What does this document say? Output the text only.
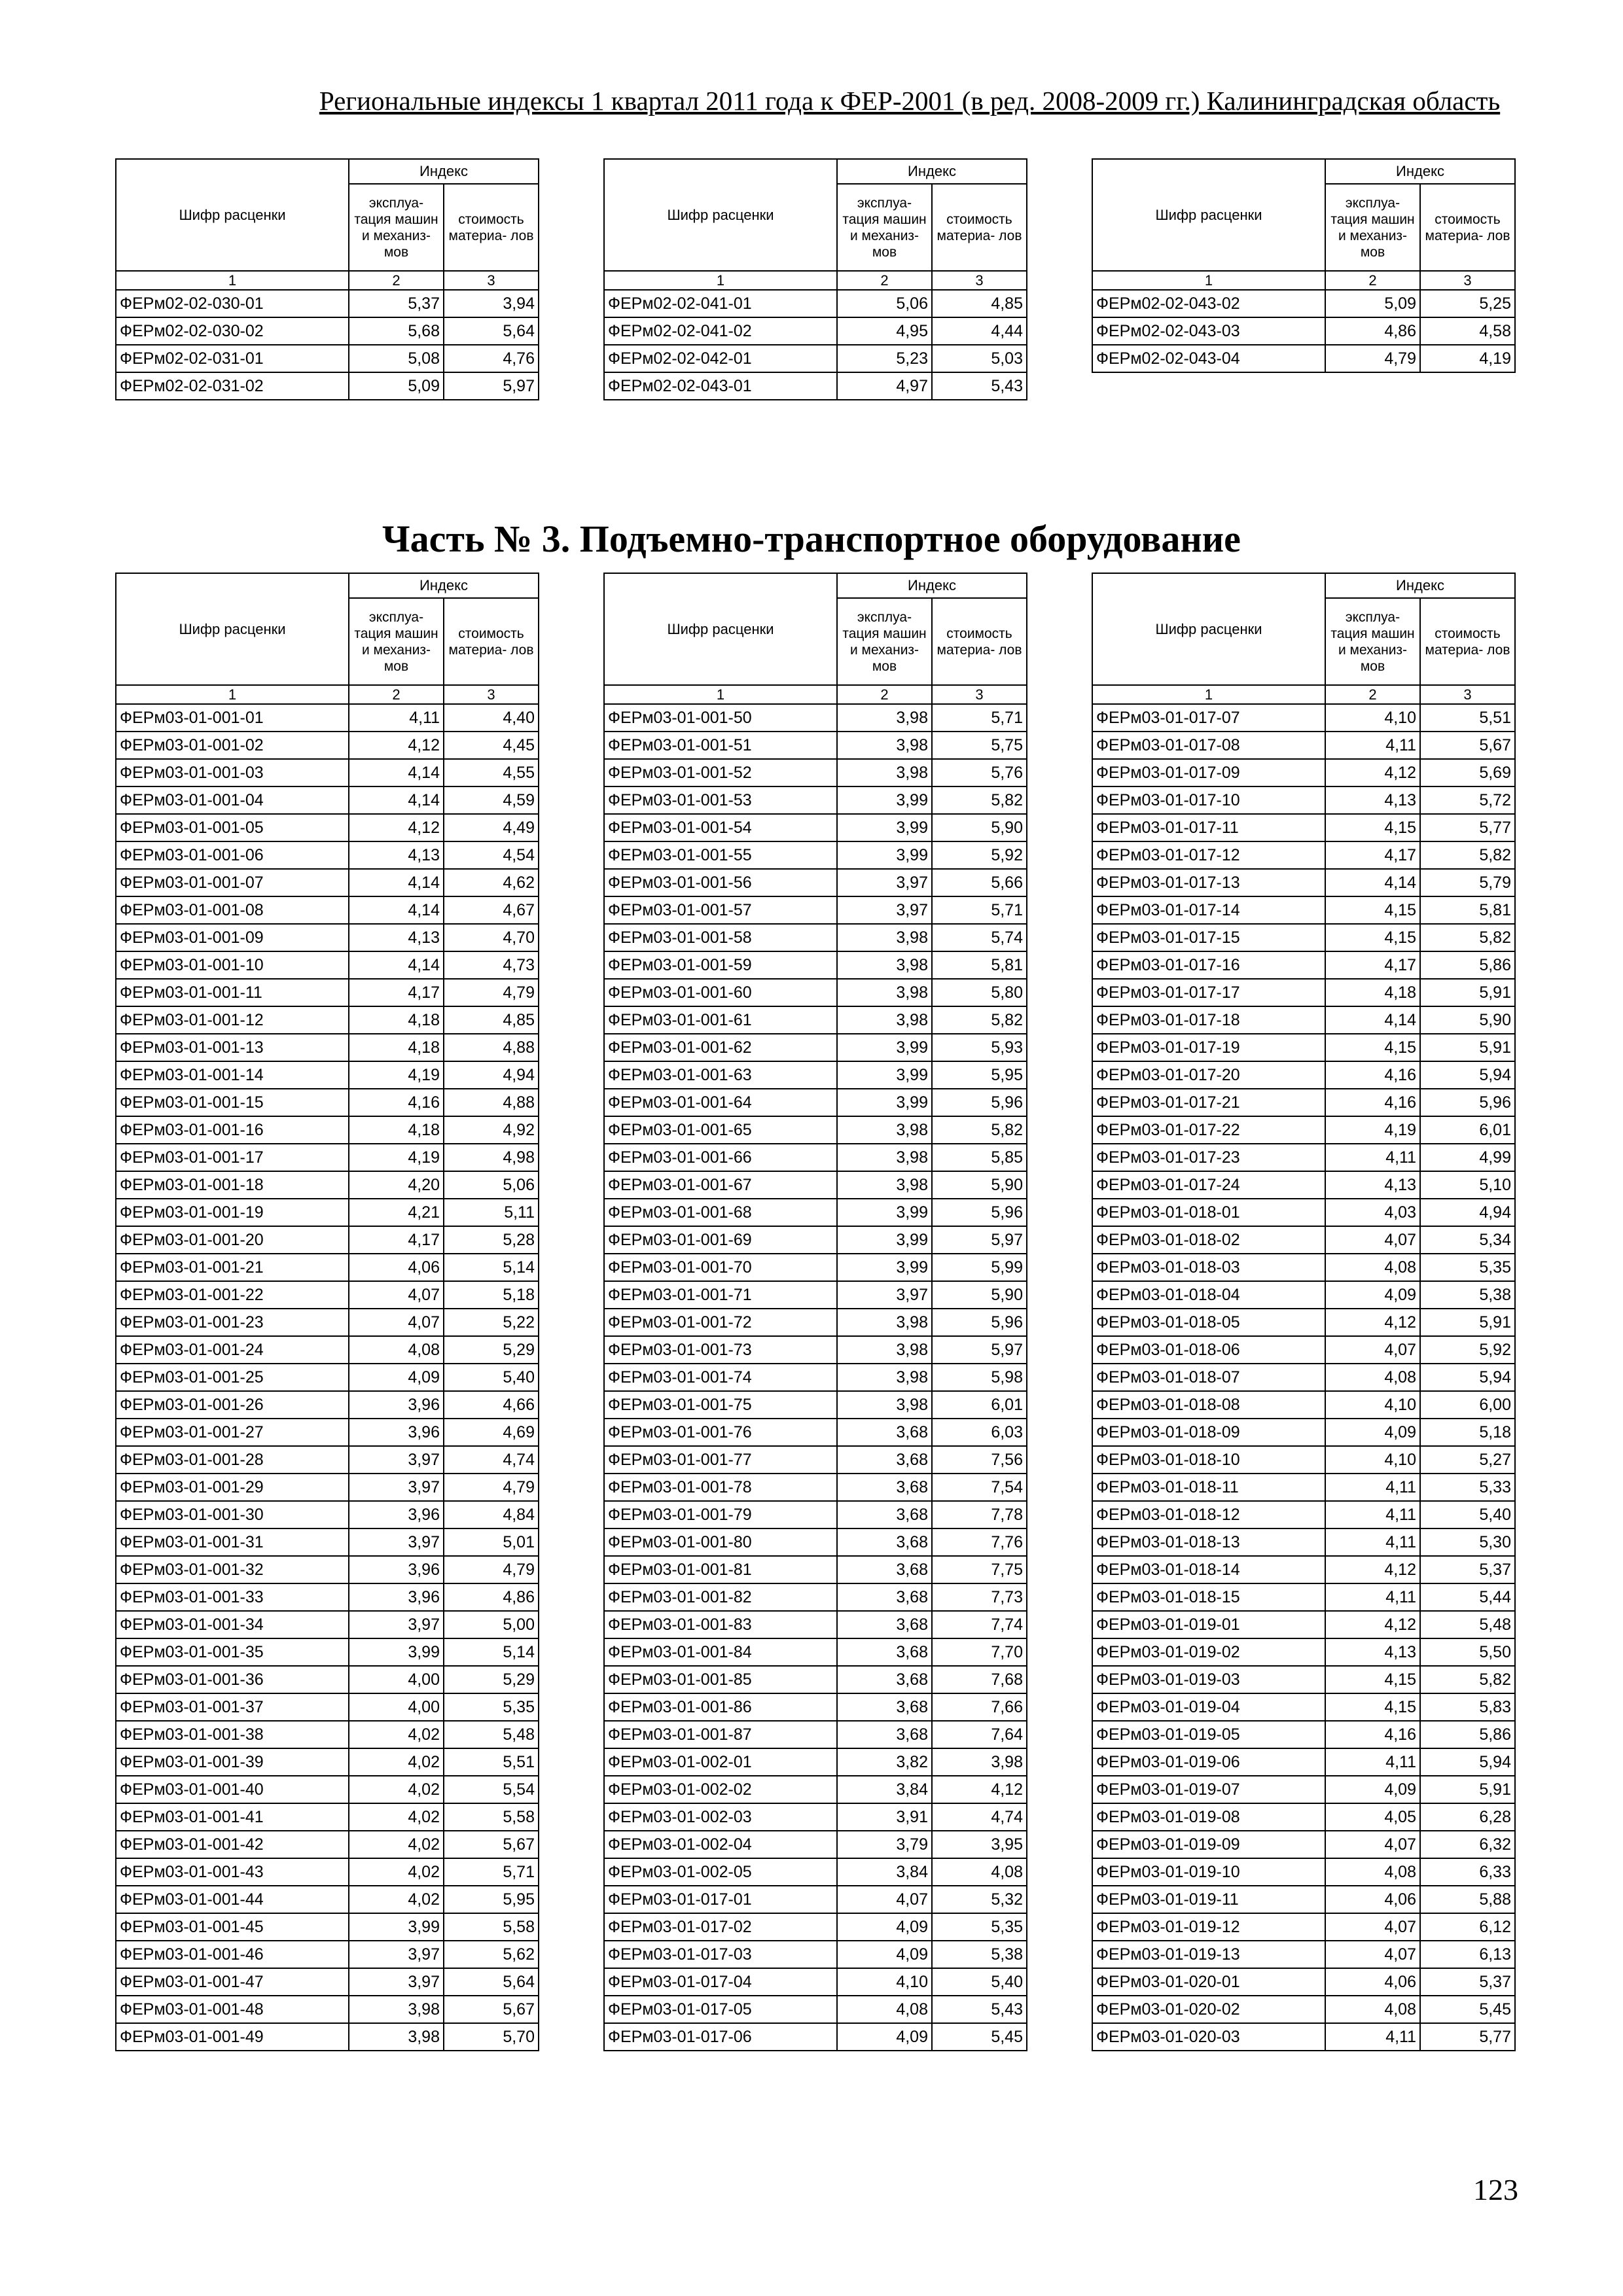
Региональные индексы 1 квартал 2011 года к ФЕР-2001 (в ред. 2008-2009 гг.) Калининградская область
Часть № 3. Подъемно-транспортное оборудование
123
Шифр расценки	Индекс	
	эксплуа- тация машин и механиз- мов	стоимость материа- лов
1	2	3
ФЕРм02-02-030-01	5,37	3,94
ФЕРм02-02-030-02	5,68	5,64
ФЕРм02-02-031-01	5,08	4,76
ФЕРм02-02-031-02	5,09	5,97
Шифр расценки	Индекс	
	эксплуа- тация машин и механиз- мов	стоимость материа- лов
1	2	3
ФЕРм02-02-041-01	5,06	4,85
ФЕРм02-02-041-02	4,95	4,44
ФЕРм02-02-042-01	5,23	5,03
ФЕРм02-02-043-01	4,97	5,43
Шифр расценки	Индекс	
	эксплуа- тация машин и механиз- мов	стоимость материа- лов
1	2	3
ФЕРм02-02-043-02	5,09	5,25
ФЕРм02-02-043-03	4,86	4,58
ФЕРм02-02-043-04	4,79	4,19
Шифр расценки	Индекс	
	эксплуа- тация машин и механиз- мов	стоимость материа- лов
1	2	3
ФЕРм03-01-001-01	4,11	4,40
ФЕРм03-01-001-02	4,12	4,45
ФЕРм03-01-001-03	4,14	4,55
ФЕРм03-01-001-04	4,14	4,59
ФЕРм03-01-001-05	4,12	4,49
ФЕРм03-01-001-06	4,13	4,54
ФЕРм03-01-001-07	4,14	4,62
ФЕРм03-01-001-08	4,14	4,67
ФЕРм03-01-001-09	4,13	4,70
ФЕРм03-01-001-10	4,14	4,73
ФЕРм03-01-001-11	4,17	4,79
ФЕРм03-01-001-12	4,18	4,85
ФЕРм03-01-001-13	4,18	4,88
ФЕРм03-01-001-14	4,19	4,94
ФЕРм03-01-001-15	4,16	4,88
ФЕРм03-01-001-16	4,18	4,92
ФЕРм03-01-001-17	4,19	4,98
ФЕРм03-01-001-18	4,20	5,06
ФЕРм03-01-001-19	4,21	5,11
ФЕРм03-01-001-20	4,17	5,28
ФЕРм03-01-001-21	4,06	5,14
ФЕРм03-01-001-22	4,07	5,18
ФЕРм03-01-001-23	4,07	5,22
ФЕРм03-01-001-24	4,08	5,29
ФЕРм03-01-001-25	4,09	5,40
ФЕРм03-01-001-26	3,96	4,66
ФЕРм03-01-001-27	3,96	4,69
ФЕРм03-01-001-28	3,97	4,74
ФЕРм03-01-001-29	3,97	4,79
ФЕРм03-01-001-30	3,96	4,84
ФЕРм03-01-001-31	3,97	5,01
ФЕРм03-01-001-32	3,96	4,79
ФЕРм03-01-001-33	3,96	4,86
ФЕРм03-01-001-34	3,97	5,00
ФЕРм03-01-001-35	3,99	5,14
ФЕРм03-01-001-36	4,00	5,29
ФЕРм03-01-001-37	4,00	5,35
ФЕРм03-01-001-38	4,02	5,48
ФЕРм03-01-001-39	4,02	5,51
ФЕРм03-01-001-40	4,02	5,54
ФЕРм03-01-001-41	4,02	5,58
ФЕРм03-01-001-42	4,02	5,67
ФЕРм03-01-001-43	4,02	5,71
ФЕРм03-01-001-44	4,02	5,95
ФЕРм03-01-001-45	3,99	5,58
ФЕРм03-01-001-46	3,97	5,62
ФЕРм03-01-001-47	3,97	5,64
ФЕРм03-01-001-48	3,98	5,67
ФЕРм03-01-001-49	3,98	5,70
Шифр расценки	Индекс	
	эксплуа- тация машин и механиз- мов	стоимость материа- лов
1	2	3
ФЕРм03-01-001-50	3,98	5,71
ФЕРм03-01-001-51	3,98	5,75
ФЕРм03-01-001-52	3,98	5,76
ФЕРм03-01-001-53	3,99	5,82
ФЕРм03-01-001-54	3,99	5,90
ФЕРм03-01-001-55	3,99	5,92
ФЕРм03-01-001-56	3,97	5,66
ФЕРм03-01-001-57	3,97	5,71
ФЕРм03-01-001-58	3,98	5,74
ФЕРм03-01-001-59	3,98	5,81
ФЕРм03-01-001-60	3,98	5,80
ФЕРм03-01-001-61	3,98	5,82
ФЕРм03-01-001-62	3,99	5,93
ФЕРм03-01-001-63	3,99	5,95
ФЕРм03-01-001-64	3,99	5,96
ФЕРм03-01-001-65	3,98	5,82
ФЕРм03-01-001-66	3,98	5,85
ФЕРм03-01-001-67	3,98	5,90
ФЕРм03-01-001-68	3,99	5,96
ФЕРм03-01-001-69	3,99	5,97
ФЕРм03-01-001-70	3,99	5,99
ФЕРм03-01-001-71	3,97	5,90
ФЕРм03-01-001-72	3,98	5,96
ФЕРм03-01-001-73	3,98	5,97
ФЕРм03-01-001-74	3,98	5,98
ФЕРм03-01-001-75	3,98	6,01
ФЕРм03-01-001-76	3,68	6,03
ФЕРм03-01-001-77	3,68	7,56
ФЕРм03-01-001-78	3,68	7,54
ФЕРм03-01-001-79	3,68	7,78
ФЕРм03-01-001-80	3,68	7,76
ФЕРм03-01-001-81	3,68	7,75
ФЕРм03-01-001-82	3,68	7,73
ФЕРм03-01-001-83	3,68	7,74
ФЕРм03-01-001-84	3,68	7,70
ФЕРм03-01-001-85	3,68	7,68
ФЕРм03-01-001-86	3,68	7,66
ФЕРм03-01-001-87	3,68	7,64
ФЕРм03-01-002-01	3,82	3,98
ФЕРм03-01-002-02	3,84	4,12
ФЕРм03-01-002-03	3,91	4,74
ФЕРм03-01-002-04	3,79	3,95
ФЕРм03-01-002-05	3,84	4,08
ФЕРм03-01-017-01	4,07	5,32
ФЕРм03-01-017-02	4,09	5,35
ФЕРм03-01-017-03	4,09	5,38
ФЕРм03-01-017-04	4,10	5,40
ФЕРм03-01-017-05	4,08	5,43
ФЕРм03-01-017-06	4,09	5,45
Шифр расценки	Индекс	
	эксплуа- тация машин и механиз- мов	стоимость материа- лов
1	2	3
ФЕРм03-01-017-07	4,10	5,51
ФЕРм03-01-017-08	4,11	5,67
ФЕРм03-01-017-09	4,12	5,69
ФЕРм03-01-017-10	4,13	5,72
ФЕРм03-01-017-11	4,15	5,77
ФЕРм03-01-017-12	4,17	5,82
ФЕРм03-01-017-13	4,14	5,79
ФЕРм03-01-017-14	4,15	5,81
ФЕРм03-01-017-15	4,15	5,82
ФЕРм03-01-017-16	4,17	5,86
ФЕРм03-01-017-17	4,18	5,91
ФЕРм03-01-017-18	4,14	5,90
ФЕРм03-01-017-19	4,15	5,91
ФЕРм03-01-017-20	4,16	5,94
ФЕРм03-01-017-21	4,16	5,96
ФЕРм03-01-017-22	4,19	6,01
ФЕРм03-01-017-23	4,11	4,99
ФЕРм03-01-017-24	4,13	5,10
ФЕРм03-01-018-01	4,03	4,94
ФЕРм03-01-018-02	4,07	5,34
ФЕРм03-01-018-03	4,08	5,35
ФЕРм03-01-018-04	4,09	5,38
ФЕРм03-01-018-05	4,12	5,91
ФЕРм03-01-018-06	4,07	5,92
ФЕРм03-01-018-07	4,08	5,94
ФЕРм03-01-018-08	4,10	6,00
ФЕРм03-01-018-09	4,09	5,18
ФЕРм03-01-018-10	4,10	5,27
ФЕРм03-01-018-11	4,11	5,33
ФЕРм03-01-018-12	4,11	5,40
ФЕРм03-01-018-13	4,11	5,30
ФЕРм03-01-018-14	4,12	5,37
ФЕРм03-01-018-15	4,11	5,44
ФЕРм03-01-019-01	4,12	5,48
ФЕРм03-01-019-02	4,13	5,50
ФЕРм03-01-019-03	4,15	5,82
ФЕРм03-01-019-04	4,15	5,83
ФЕРм03-01-019-05	4,16	5,86
ФЕРм03-01-019-06	4,11	5,94
ФЕРм03-01-019-07	4,09	5,91
ФЕРм03-01-019-08	4,05	6,28
ФЕРм03-01-019-09	4,07	6,32
ФЕРм03-01-019-10	4,08	6,33
ФЕРм03-01-019-11	4,06	5,88
ФЕРм03-01-019-12	4,07	6,12
ФЕРм03-01-019-13	4,07	6,13
ФЕРм03-01-020-01	4,06	5,37
ФЕРм03-01-020-02	4,08	5,45
ФЕРм03-01-020-03	4,11	5,77
